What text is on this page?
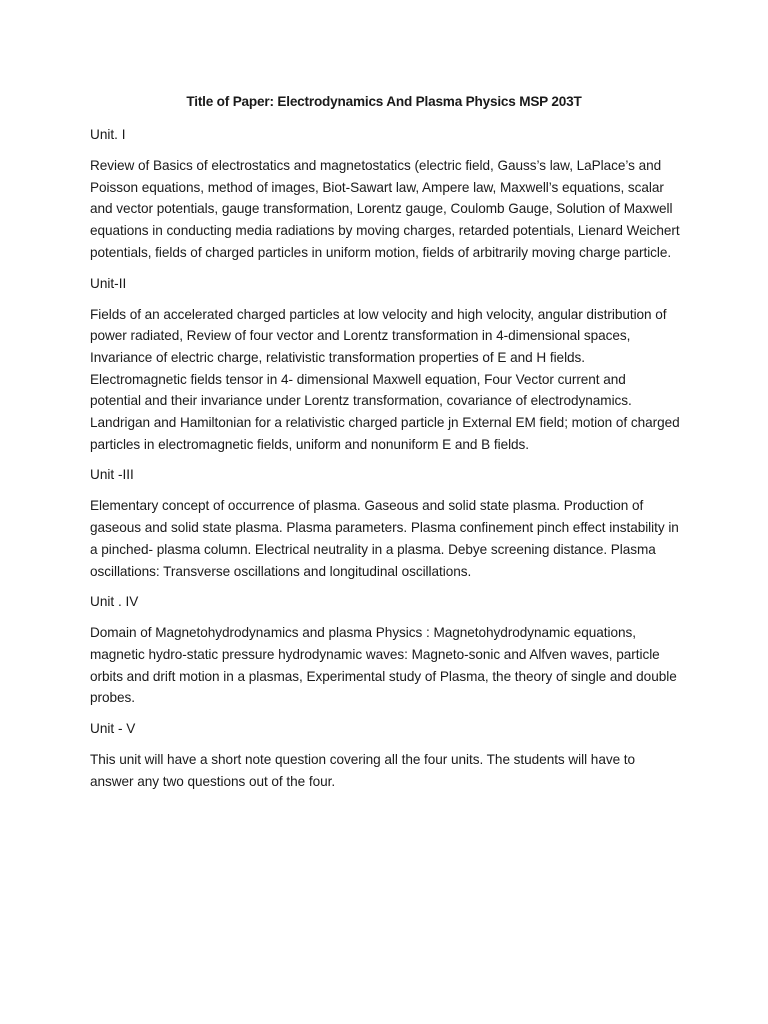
Title of Paper: Electrodynamics And Plasma Physics MSP 203T

Unit. I

Review of Basics of electrostatics and magnetostatics (electric field, Gauss’s law, LaPlace’s and Poisson equations, method of images, Biot-Sawart law, Ampere law, Maxwell’s equations, scalar and vector potentials, gauge transformation, Lorentz gauge, Coulomb Gauge, Solution of Maxwell equations in conducting media radiations by moving charges, retarded potentials, Lienard Weichert potentials, fields of charged particles in uniform motion, fields of arbitrarily moving charge particle.

Unit-II

Fields of an accelerated charged particles at low velocity and high velocity, angular distribution of power radiated, Review of four vector and Lorentz transformation in 4-dimensional spaces, Invariance of electric charge, relativistic transformation properties of E and H fields. Electromagnetic fields tensor in 4- dimensional Maxwell equation, Four Vector current and potential and their invariance under Lorentz transformation, covariance of electrodynamics. Landrigan and Hamiltonian for a relativistic charged particle jn External EM field; motion of charged particles in electromagnetic fields, uniform and nonuniform E and B fields.

Unit -III

Elementary concept of occurrence of plasma. Gaseous and solid state plasma. Production of gaseous and solid state plasma. Plasma parameters. Plasma confinement pinch effect instability in a pinched- plasma column. Electrical neutrality in a plasma. Debye screening distance. Plasma oscillations: Transverse oscillations and longitudinal oscillations.

Unit . IV

Domain of Magnetohydrodynamics and plasma Physics : Magnetohydrodynamic equations, magnetic hydro-static pressure hydrodynamic waves: Magneto-sonic and Alfven waves, particle orbits and drift motion in a plasmas, Experimental study of Plasma, the theory of single and double probes.

Unit - V

This unit will have a short note question covering all the four units. The students will have to answer any two questions out of the four.
